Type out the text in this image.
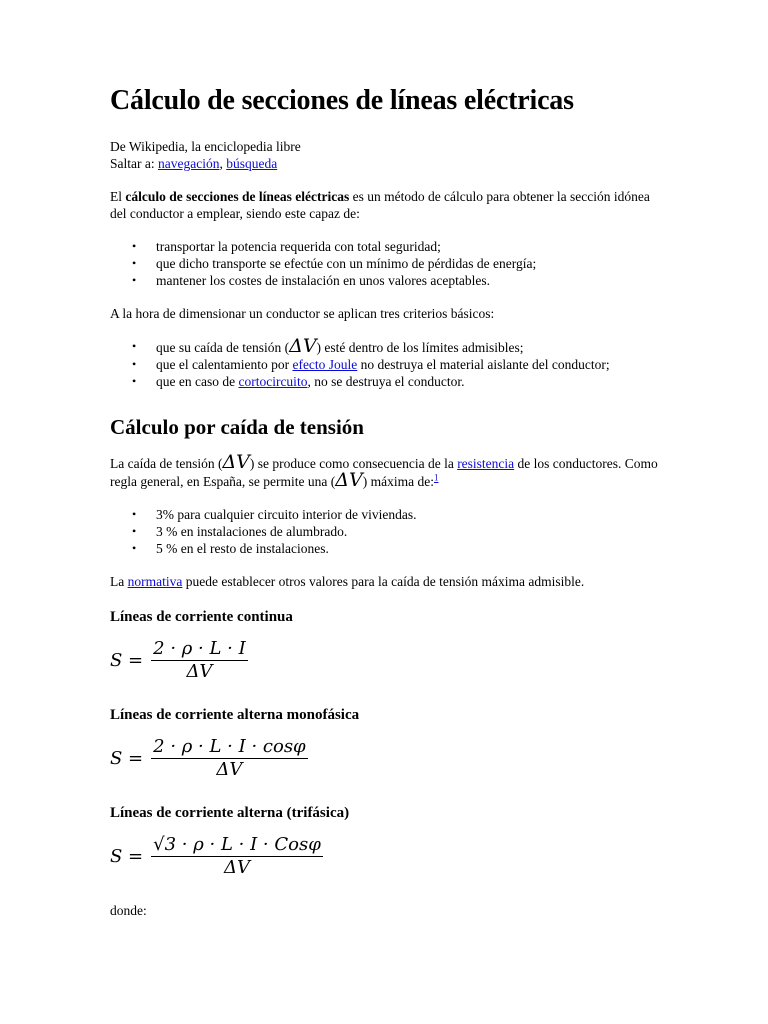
Cálculo de secciones de líneas eléctricas
De Wikipedia, la enciclopedia libre
Saltar a: navegación, búsqueda

El cálculo de secciones de líneas eléctricas es un método de cálculo para obtener la sección idónea del conductor a emplear, siendo este capaz de:

• transportar la potencia requerida con total seguridad;
• que dicho transporte se efectúe con un mínimo de pérdidas de energía;
• mantener los costes de instalación en unos valores aceptables.

A la hora de dimensionar un conductor se aplican tres criterios básicos:

• que su caída de tensión (ΔV) esté dentro de los límites admisibles;
• que el calentamiento por efecto Joule no destruya el material aislante del conductor;
• que en caso de cortocircuito, no se destruya el conductor.
Cálculo por caída de tensión

La caída de tensión (ΔV) se produce como consecuencia de la resistencia de los conductores. Como regla general, en España, se permite una (ΔV) máxima de:$^1$

• 3% para cualquier circuito interior de viviendas.
• 3 % en instalaciones de alumbrado.
• 5 % en el resto de instalaciones.

La normativa puede establecer otros valores para la caída de tensión máxima admisible.

Líneas de corriente continua
$S = \frac{2 \cdot \rho \cdot L \cdot I}{\Delta V}$
Líneas de corriente alterna monofásica
$S = \frac{2 \cdot \rho \cdot L \cdot I \cdot \cos\varphi}{\Delta V}$
Líneas de corriente alterna (trifásica)
$S = \frac{\text{√3 · ρ · L · I · Cosφ}}{\Delta V}$

donde:
